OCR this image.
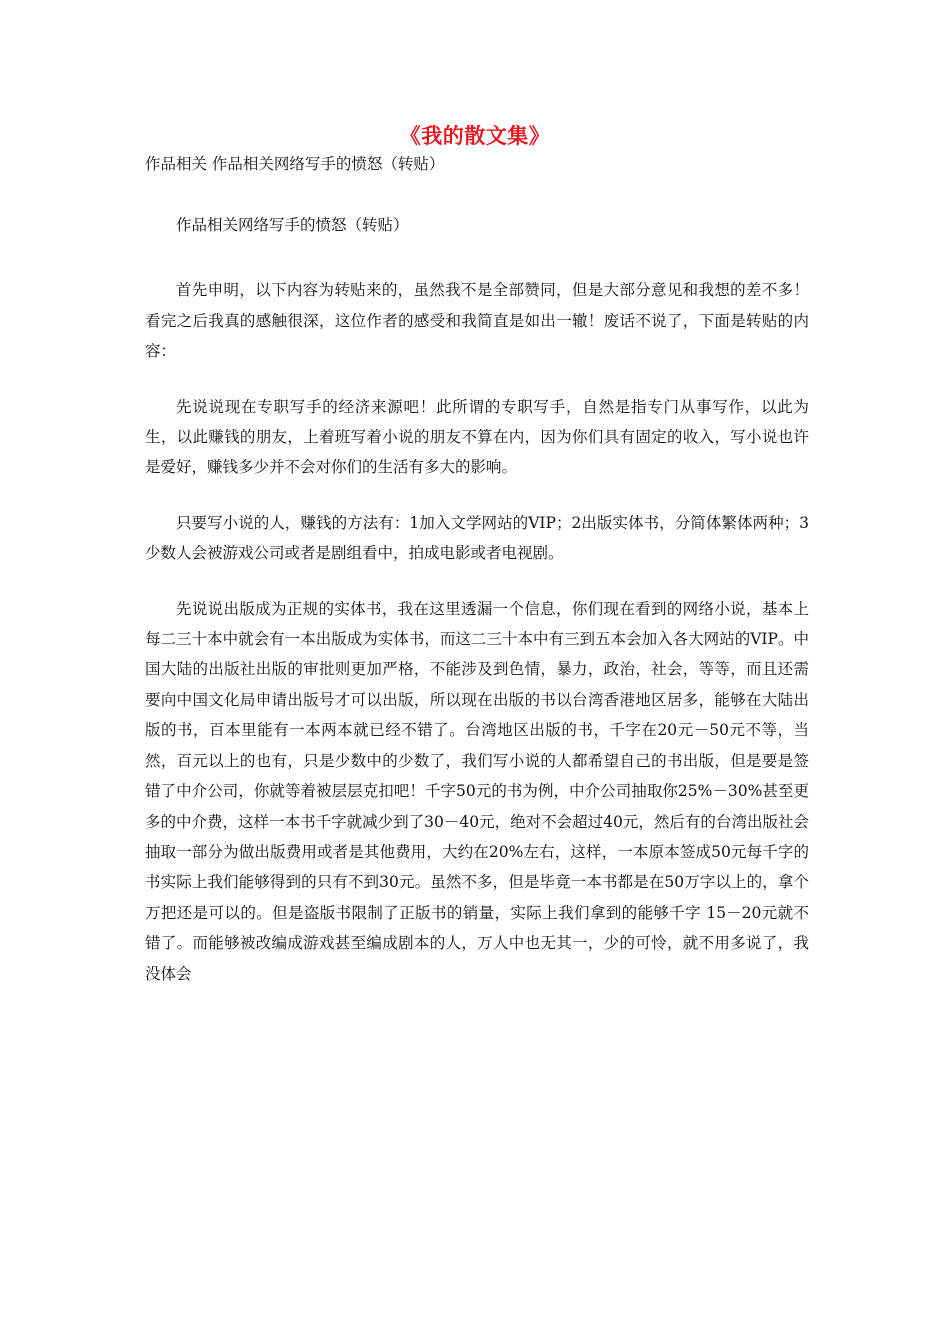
《我的散文集》

作品相关 作品相关网络写手的愤怒（转贴）

作品相关网络写手的愤怒（转贴）

首先申明，以下内容为转贴来的，虽然我不是全部赞同，但是大部分意见和我想的差不多！看完之后我真的感触很深，这位作者的感受和我简直是如出一辙！废话不说了，下面是转贴的内容：

先说说现在专职写手的经济来源吧！此所谓的专职写手，自然是指专门从事写作，以此为生，以此赚钱的朋友，上着班写着小说的朋友不算在内，因为你们具有固定的收入，写小说也许是爱好，赚钱多少并不会对你们的生活有多大的影响。

只要写小说的人，赚钱的方法有：1加入文学网站的VIP；2出版实体书，分简体繁体两种；3少数人会被游戏公司或者是剧组看中，拍成电影或者电视剧。

先说说出版成为正规的实体书，我在这里透漏一个信息，你们现在看到的网络小说，基本上每二三十本中就会有一本出版成为实体书，而这二三十本中有三到五本会加入各大网站的VIP。中国大陆的出版社出版的审批则更加严格，不能涉及到色情，暴力，政治，社会，等等，而且还需要向中国文化局申请出版号才可以出版，所以现在出版的书以台湾香港地区居多，能够在大陆出版的书，百本里能有一本两本就已经不错了。台湾地区出版的书，千字在20元－50元不等，当然，百元以上的也有，只是少数中的少数了，我们写小说的人都希望自己的书出版，但是要是签错了中介公司，你就等着被层层克扣吧！千字50元的书为例，中介公司抽取你25%－30%甚至更多的中介费，这样一本书千字就减少到了30－40元，绝对不会超过40元，然后有的台湾出版社会抽取一部分为做出版费用或者是其他费用，大约在20%左右，这样，一本原本签成50元每千字的书实际上我们能够得到的只有不到30元。虽然不多，但是毕竟一本书都是在50万字以上的，拿个万把还是可以的。但是盗版书限制了正版书的销量，实际上我们拿到的能够千字 15－20元就不错了。而能够被改编成游戏甚至编成剧本的人，万人中也无其一，少的可怜，就不用多说了，我没体会
